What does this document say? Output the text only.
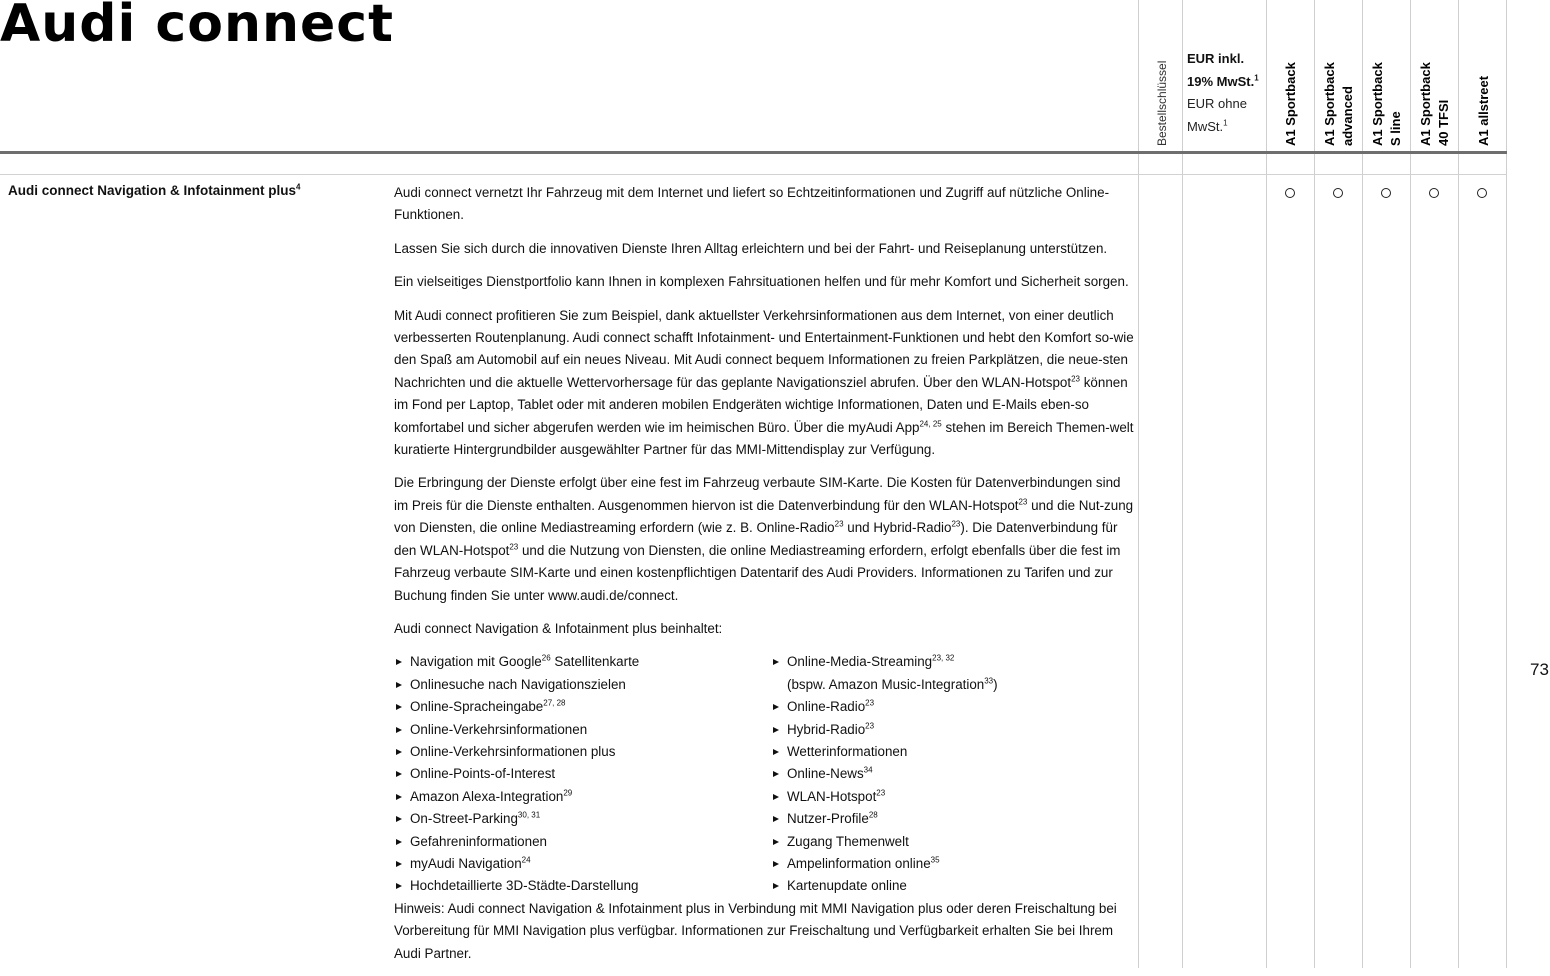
Audi connect
Bestellschlüssel
EUR inkl.
19% MwSt.$^1$
EUR ohne
MwSt.$^1$	A1 Sportback A1 Sportback advanced A1 Sportback S line A1 Sportback 40 TFSI A1 allstreet
Audi connect Navigation & Infotainment plus$^4$	Audi connect vernetzt Ihr Fahrzeug mit dem Internet und liefert so Echtzeitinformationen und Zugriff auf nützliche Online-Funktionen.

Lassen Sie sich durch die innovativen Dienste Ihren Alltag erleichtern und bei der Fahrt- und Reiseplanung unterstützen.

Ein vielseitiges Dienstportfolio kann Ihnen in komplexen Fahrsituationen helfen und für mehr Komfort und Sicherheit sorgen.

Mit Audi connect profitieren Sie zum Beispiel, dank aktuellster Verkehrsinformationen aus dem Internet, von einer deutlich verbesserten Routenplanung. Audi connect schafft Infotainment- und Entertainment-Funktionen und hebt den Komfort so-wie den Spaß am Automobil auf ein neues Niveau. Mit Audi connect bequem Informationen zu freien Parkplätzen, die neue-sten Nachrichten und die aktuelle Wettervorhersage für das geplante Navigationsziel abrufen. Über den WLAN-Hotspot$^{23}$ können im Fond per Laptop, Tablet oder mit anderen mobilen Endgeräten wichtige Informationen, Daten und E-Mails eben-so komfortabel und sicher abgerufen werden wie im heimischen Büro. Über die myAudi App$^{24, 25}$ stehen im Bereich Themen-welt kuratierte Hintergrundbilder ausgewählter Partner für das MMI-Mittendisplay zur Verfügung.

Die Erbringung der Dienste erfolgt über eine fest im Fahrzeug verbaute SIM-Karte. Die Kosten für Datenverbindungen sind im Preis für die Dienste enthalten. Ausgenommen hiervon ist die Datenverbindung für den WLAN-Hotspot$^{23}$ und die Nut-zung von Diensten, die online Mediastreaming erfordern (wie z. B. Online-Radio$^{23}$ und Hybrid-Radio$^{23}$). Die Datenverbindung für den WLAN-Hotspot$^{23}$ und die Nutzung von Diensten, die online Mediastreaming erfordern, erfolgt ebenfalls über die fest im Fahrzeug verbaute SIM-Karte und einen kostenpflichtigen Datentarif des Audi Providers. Informationen zu Tarifen und zur Buchung finden Sie unter www.audi.de/connect.

Audi connect Navigation & Infotainment plus beinhaltet:

Navigation mit Google$^{26}$ Satellitenkarte
Onlinesuche nach Navigationszielen
Online-Spracheingabe$^{27, 28}$
Online-Verkehrsinformationen
Online-Verkehrsinformationen plus
Online-Points-of-Interest
Amazon Alexa-Integration$^{29}$
On-Street-Parking$^{30, 31}$
Gefahreninformationen
myAudi Navigation$^{24}$
Hochdetaillierte 3D-Städte-Darstellung
Online-Media-Streaming$^{23, 32}$
(bspw. Amazon Music-Integration$^{33}$)
Online-Radio$^{23}$
Hybrid-Radio$^{23}$
Wetterinformationen
Online-News$^{34}$
WLAN-Hotspot$^{23}$
Nutzer-Profile$^{28}$
Zugang Themenwelt
Ampelinformation online$^{35}$
Kartenupdate online

Hinweis: Audi connect Navigation & Infotainment plus in Verbindung mit MMI Navigation plus oder deren Freischaltung bei Vorbereitung für MMI Navigation plus verfügbar. Informationen zur Freischaltung und Verfügbarkeit erhalten Sie bei Ihrem Audi Partner.

73
